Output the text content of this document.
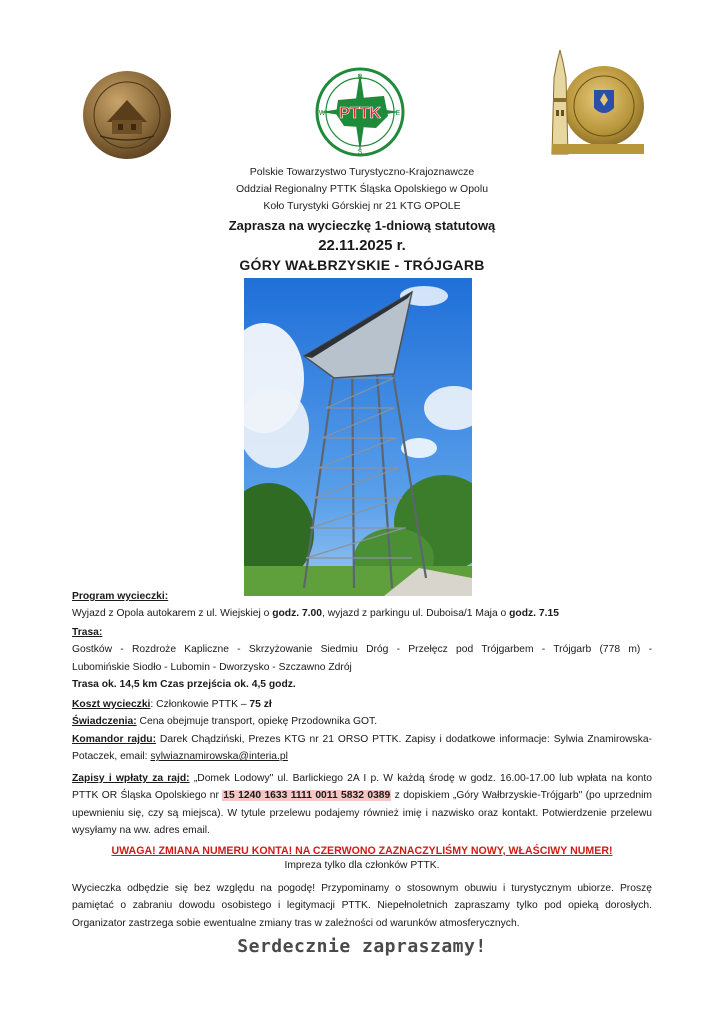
PTTK
N
E
S
W
Polskie Towarzystwo Turystyczno-Krajoznawcze
Oddział Regionalny PTTK Śląska Opolskiego w Opolu
Koło Turystyki Górskiej nr 21 KTG OPOLE
Zaprasza na wycieczkę 1-dniową statutową
22.11.2025 r.
GÓRY WAŁBRZYSKIE - TRÓJGARB
Program wycieczki:
Wyjazd z Opola autokarem z ul. Wiejskiej o godz. 7.00, wyjazd z parkingu ul. Duboisa/1 Maja o godz. 7.15
Trasa:
Gostków - Rozdroże Kapliczne - Skrzyżowanie Siedmiu Dróg - Przełęcz pod Trójgarbem - Trójgarb (778 m) -
Lubomińskie Siodło - Lubomin - Dworzysko - Szczawno Zdrój
Trasa ok. 14,5 km Czas przejścia ok. 4,5 godz.
Koszt wycieczki: Członkowie PTTK – 75 zł
Świadczenia: Cena obejmuje transport, opiekę Przodownika GOT.
Komandor rajdu: Darek Chądziński, Prezes KTG nr 21 ORSO PTTK. Zapisy i dodatkowe informacje: Sylwia Znamirowska-Potaczek, email: sylwiaznamirowska@interia.pl
Zapisy i wpłaty za rajd: „Domek Lodowy" ul. Barlickiego 2A I p. W każdą środę w godz. 16.00-17.00 lub wpłata na konto PTTK OR Śląska Opolskiego nr 15 1240 1633 1111 0011 5832 0389 z dopiskiem „Góry Wałbrzyskie-Trójgarb" (po uprzednim upewnieniu się, czy są miejsca). W tytule przelewu podajemy również imię i nazwisko oraz kontakt. Potwierdzenie przelewu wysyłamy na ww. adres email.
UWAGA! ZMIANA NUMERU KONTA! NA CZERWONO ZAZNACZYLIŚMY NOWY, WŁAŚCIWY NUMER!
Impreza tylko dla członków PTTK.
Wycieczka odbędzie się bez względu na pogodę! Przypominamy o stosownym obuwiu i turystycznym ubiorze. Proszę pamiętać o zabraniu dowodu osobistego i legitymacji PTTK. Niepełnoletnich zapraszamy tylko pod opieką dorosłych. Organizator zastrzega sobie ewentualne zmiany tras w zależności od warunków atmosferycznych.
Serdecznie zapraszamy!
